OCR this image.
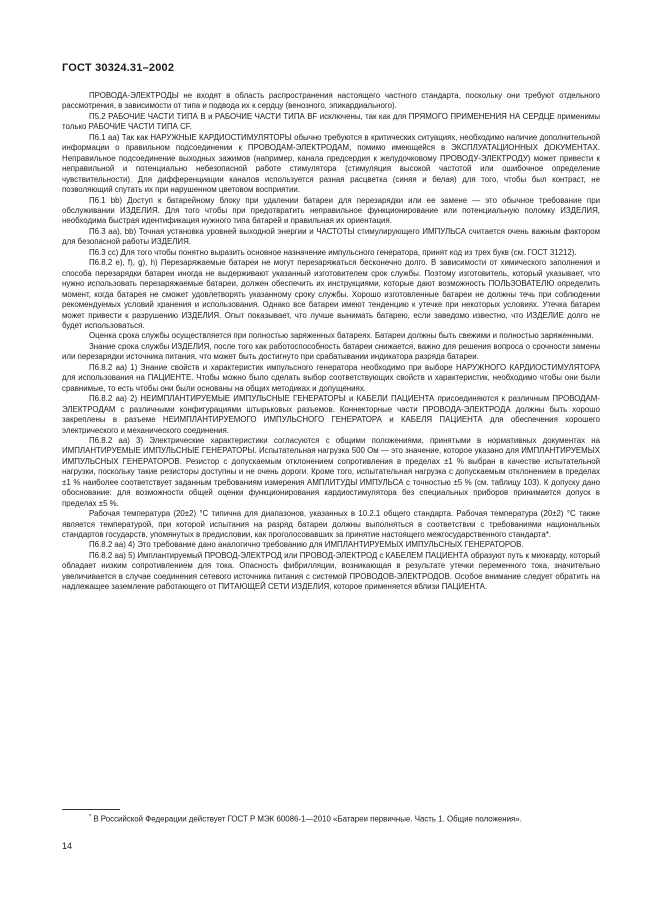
ГОСТ 30324.31–2002

ПРОВОДА-ЭЛЕКТРОДЫ не входят в область распространения настоящего частного стандарта, поскольку они требуют отдельного рассмотрения, в зависимости от типа и подвода их к сердцу (венозного, эпикардиального).

П5.2 РАБОЧИЕ ЧАСТИ ТИПА В и РАБОЧИЕ ЧАСТИ ТИПА BF исключены, так как для ПРЯМОГО ПРИМЕНЕНИЯ НА СЕРДЦЕ применимы только РАБОЧИЕ ЧАСТИ ТИПА CF.

П6.1 аа) Так как НАРУЖНЫЕ КАРДИОСТИМУЛЯТОРЫ обычно требуются в критических ситуациях, необходимо наличие дополнительной информации о правильном подсоединении к ПРОВОДАМ-ЭЛЕКТРОДАМ, помимо имеющейся в ЭКСПЛУАТАЦИОННЫХ ДОКУМЕНТАХ. Неправильное подсоединение выходных зажимов (например, канала предсердия к желудочковому ПРОВОДУ-ЭЛЕКТРОДУ) может привести к неправильной и потенциально небезопасной работе стимулятора (стимуляция высокой частотой или ошибочное определение чувствительности). Для дифференциации каналов используется разная расцветка (синяя и белая) для того, чтобы был контраст, не позволяющий спутать их при нарушенном цветовом восприятии.

П6.1 bb) Доступ к батарейному блоку при удалении батареи для перезарядки или ее замене — это обычное требование при обслуживании ИЗДЕЛИЯ. Для того чтобы при предотвратить неправильное функционирование или потенциальную поломку ИЗДЕЛИЯ, необходима быстрая идентификация нужного типа батарей и правильная их ориентация.

П6.3 аа), bb) Точная установка уровней выходной энергии и ЧАСТОТЫ стимулирующего ИМПУЛЬСА считается очень важным фактором для безопасной работы ИЗДЕЛИЯ.

П6.3 сс) Для того чтобы понятно выразить основное назначение импульсного генератора, принят код из трех букв (см. ГОСТ 31212).

П6.8.2 е), f), g), h) Перезаряжаемые батареи не могут перезаряжаться бесконечно долго. В зависимости от химического заполнения и способа перезарядки батареи иногда не выдерживают указанный изготовителем срок службы. Поэтому изготовитель, который указывает, что нужно использовать перезаряжаемые батареи, должен обеспечить их инструкциями, которые дают возможность ПОЛЬЗОВАТЕЛЮ определить момент, когда батарея не сможет удовлетворять указанному сроку службы. Хорошо изготовленные батареи не должны течь при соблюдении рекомендуемых условий хранения и использования. Однако все батареи имеют тенденцию к утечке при некоторых условиях. Утечка батареи может привести к разрушению ИЗДЕЛИЯ. Опыт показывает, что лучше вынимать батарею, если заведомо известно, что ИЗДЕЛИЕ долго не будет использоваться.

Оценка срока службы осуществляется при полностью заряженных батареях. Батареи должны быть свежими и полностью заряженными.

Знание срока службы ИЗДЕЛИЯ, после того как работоспособность батареи снижается, важно для решения вопроса о срочности замены или перезарядки источника питания, что может быть достигнуто при срабатывании индикатора разряда батареи.

П6.8.2 аа) 1) Знание свойств и характеристик импульсного генератора необходимо при выборе НАРУЖНОГО КАРДИОСТИМУЛЯТОРА для использования на ПАЦИЕНТЕ. Чтобы можно было сделать выбор соответствующих свойств и характеристик, необходимо чтобы они были сравнимые, то есть чтобы они были основаны на общих методиках и допущениях.

П6.8.2 аа) 2) НЕИМПЛАНТИРУЕМЫЕ ИМПУЛЬСНЫЕ ГЕНЕРАТОРЫ и КАБЕЛИ ПАЦИЕНТА присоединяются к различным ПРОВОДАМ-ЭЛЕКТРОДАМ с различными конфигурациями штырьковых разъемов. Коннекторные части ПРОВОДА-ЭЛЕКТРОДА должны быть хорошо закреплены в разъеме НЕИМПЛАНТИРУЕМОГО ИМПУЛЬСНОГО ГЕНЕРАТОРА и КАБЕЛЯ ПАЦИЕНТА для обеспечения хорошего электрического и механического соединения.

П6.8.2 аа) 3) Электрические характеристики согласуются с общими положениями, принятыми в нормативных документах на ИМПЛАНТИРУЕМЫЕ ИМПУЛЬСНЫЕ ГЕНЕРАТОРЫ. Испытательная нагрузка 500 Ом — это значение, которое указано для ИМПЛАНТИРУЕМЫХ ИМПУЛЬСНЫХ ГЕНЕРАТОРОВ. Резистор с допускаемым отклонением сопротивления в пределах ±1 % выбран в качестве испытательной нагрузки, поскольку такие резисторы доступны и не очень дороги. Кроме того, испытательная нагрузка с допускаемым отклонением в пределах ±1 % наиболее соответствует заданным требованиям измерения АМПЛИТУДЫ ИМПУЛЬСА с точностью ±5 % (см. таблицу 103). К допуску дано обоснование: для возможности общей оценки функционирования кардиостимулятора без специальных приборов принимается допуск в пределах ±5 %.

Рабочая температура (20±2) °С типична для диапазонов, указанных в 10.2.1 общего стандарта. Рабочая температура (20±2) °С также является температурой, при которой испытания на разряд батареи должны выполняться в соответствии с требованиями национальных стандартов государств, упомянутых в предисловии, как проголосовавших за принятие настоящего межгосударственного стандарта*.

П6.8.2 аа) 4) Это требование дано аналогично требованию для ИМПЛАНТИРУЕМЫХ ИМПУЛЬСНЫХ ГЕНЕРАТОРОВ.

П6.8.2 аа) 5) Имплантируемый ПРОВОД-ЭЛЕКТРОД или ПРОВОД-ЭЛЕКТРОД с КАБЕЛЕМ ПАЦИЕНТА образуют путь к миокарду, который обладает низким сопротивлением для тока. Опасность фибрилляции, возникающая в результате утечки переменного тока, значительно увеличивается в случае соединения сетевого источника питания с системой ПРОВОДОВ-ЭЛЕКТРОДОВ. Особое внимание следует обратить на надлежащее заземление работающего от ПИТАЮЩЕЙ СЕТИ ИЗДЕЛИЯ, которое применяется вблизи ПАЦИЕНТА.

* В Российской Федерации действует ГОСТ Р МЭК 60086-1—2010 «Батареи первичные. Часть 1. Общие положения».
14
